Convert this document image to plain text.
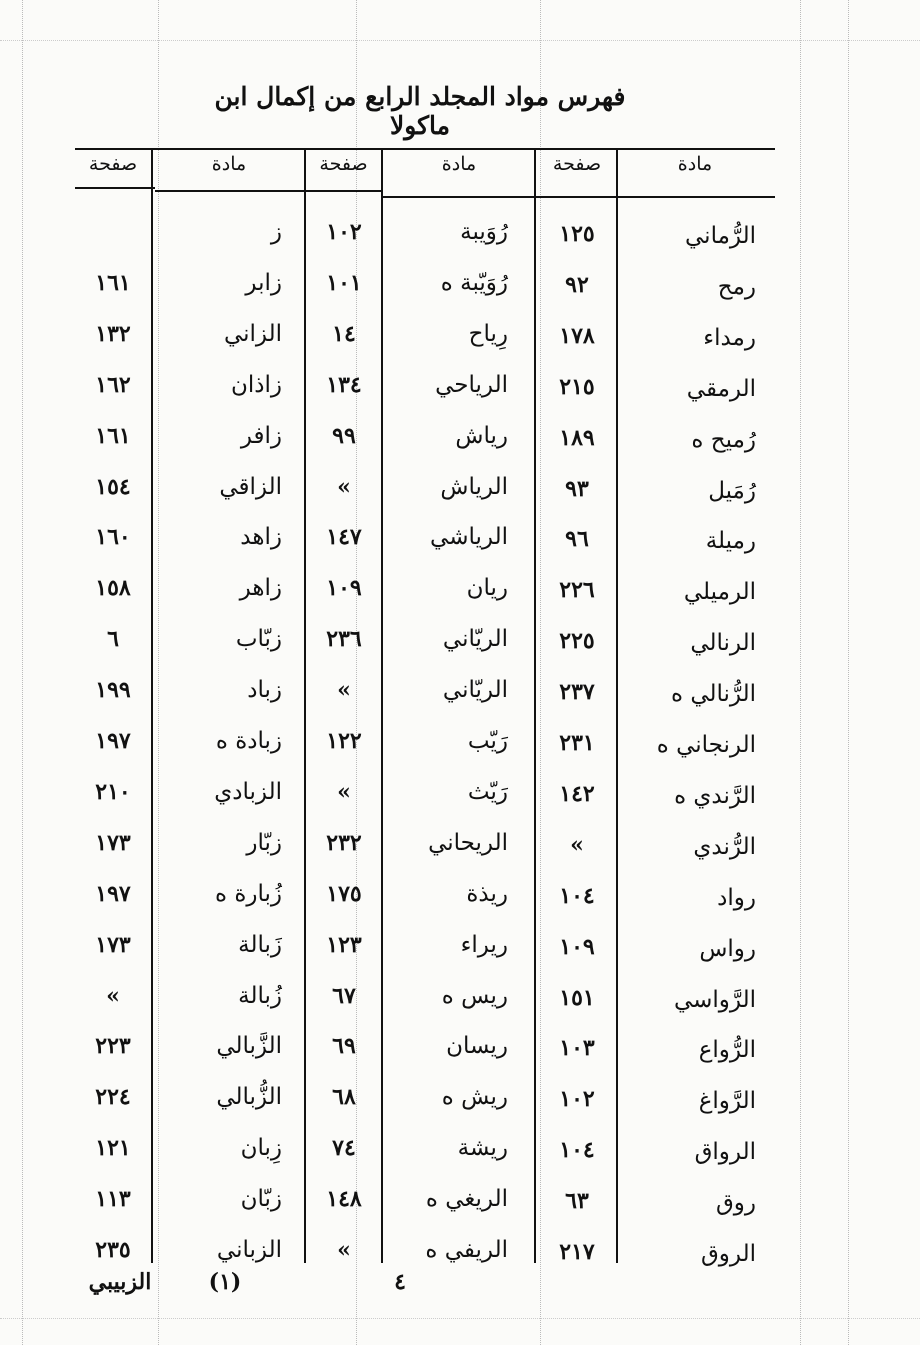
فهرس مواد المجلد الرابع من إكمال ابن ماكولا
مادة
صفحة
مادة
صفحة
مادة
صفحة
الرُّماني
١٢٥
رمح
٩٢
رمداء
١٧٨
الرمقي
٢١٥
رُميح ه
١٨٩
رُمَيل
٩٣
رميلة
٩٦
الرميلي
٢٢٦
الرنالي
٢٢٥
الرُّنالي ه
٢٣٧
الرنجاني ه
٢٣١
الرَّندي ه
١٤٢
الرُّندي
»
رواد
١٠٤
رواس
١٠٩
الرَّواسي
١٥١
الرُّواع
١٠٣
الرَّواغ
١٠٢
الرواق
١٠٤
روق
٦٣
الروق
٢١٧
رُوَيبة
١٠٢
رُوَيّبة ه
١٠١
رِياح
١٤
الرياحي
١٣٤
رياش
٩٩
الرياش
»
الرياشي
١٤٧
ريان
١٠٩
الريّاني
٢٣٦
الريّاني
»
رَيّب
١٢٢
رَيّث
»
الريحاني
٢٣٢
ريذة
١٧٥
ريراء
١٢٣
ريس ه
٦٧
ريسان
٦٩
ريش ه
٦٨
ريشة
٧٤
الريغي ه
١٤٨
الريفي ه
»
ز
زابر
١٦١
الزاني
١٣٢
زاذان
١٦٢
زافر
١٦١
الزاقي
١٥٤
زاهد
١٦٠
زاهر
١٥٨
زبّاب
٦
زباد
١٩٩
زبادة ه
١٩٧
الزبادي
٢١٠
زبّار
١٧٣
زُبارة ه
١٩٧
زَبالة
١٧٣
زُبالة
»
الزَّبالي
٢٢٣
الزُّبالي
٢٢٤
زِبان
١٢١
زبّان
١١٣
الزباني
٢٣٥
٤
(١)
الزبيبي
